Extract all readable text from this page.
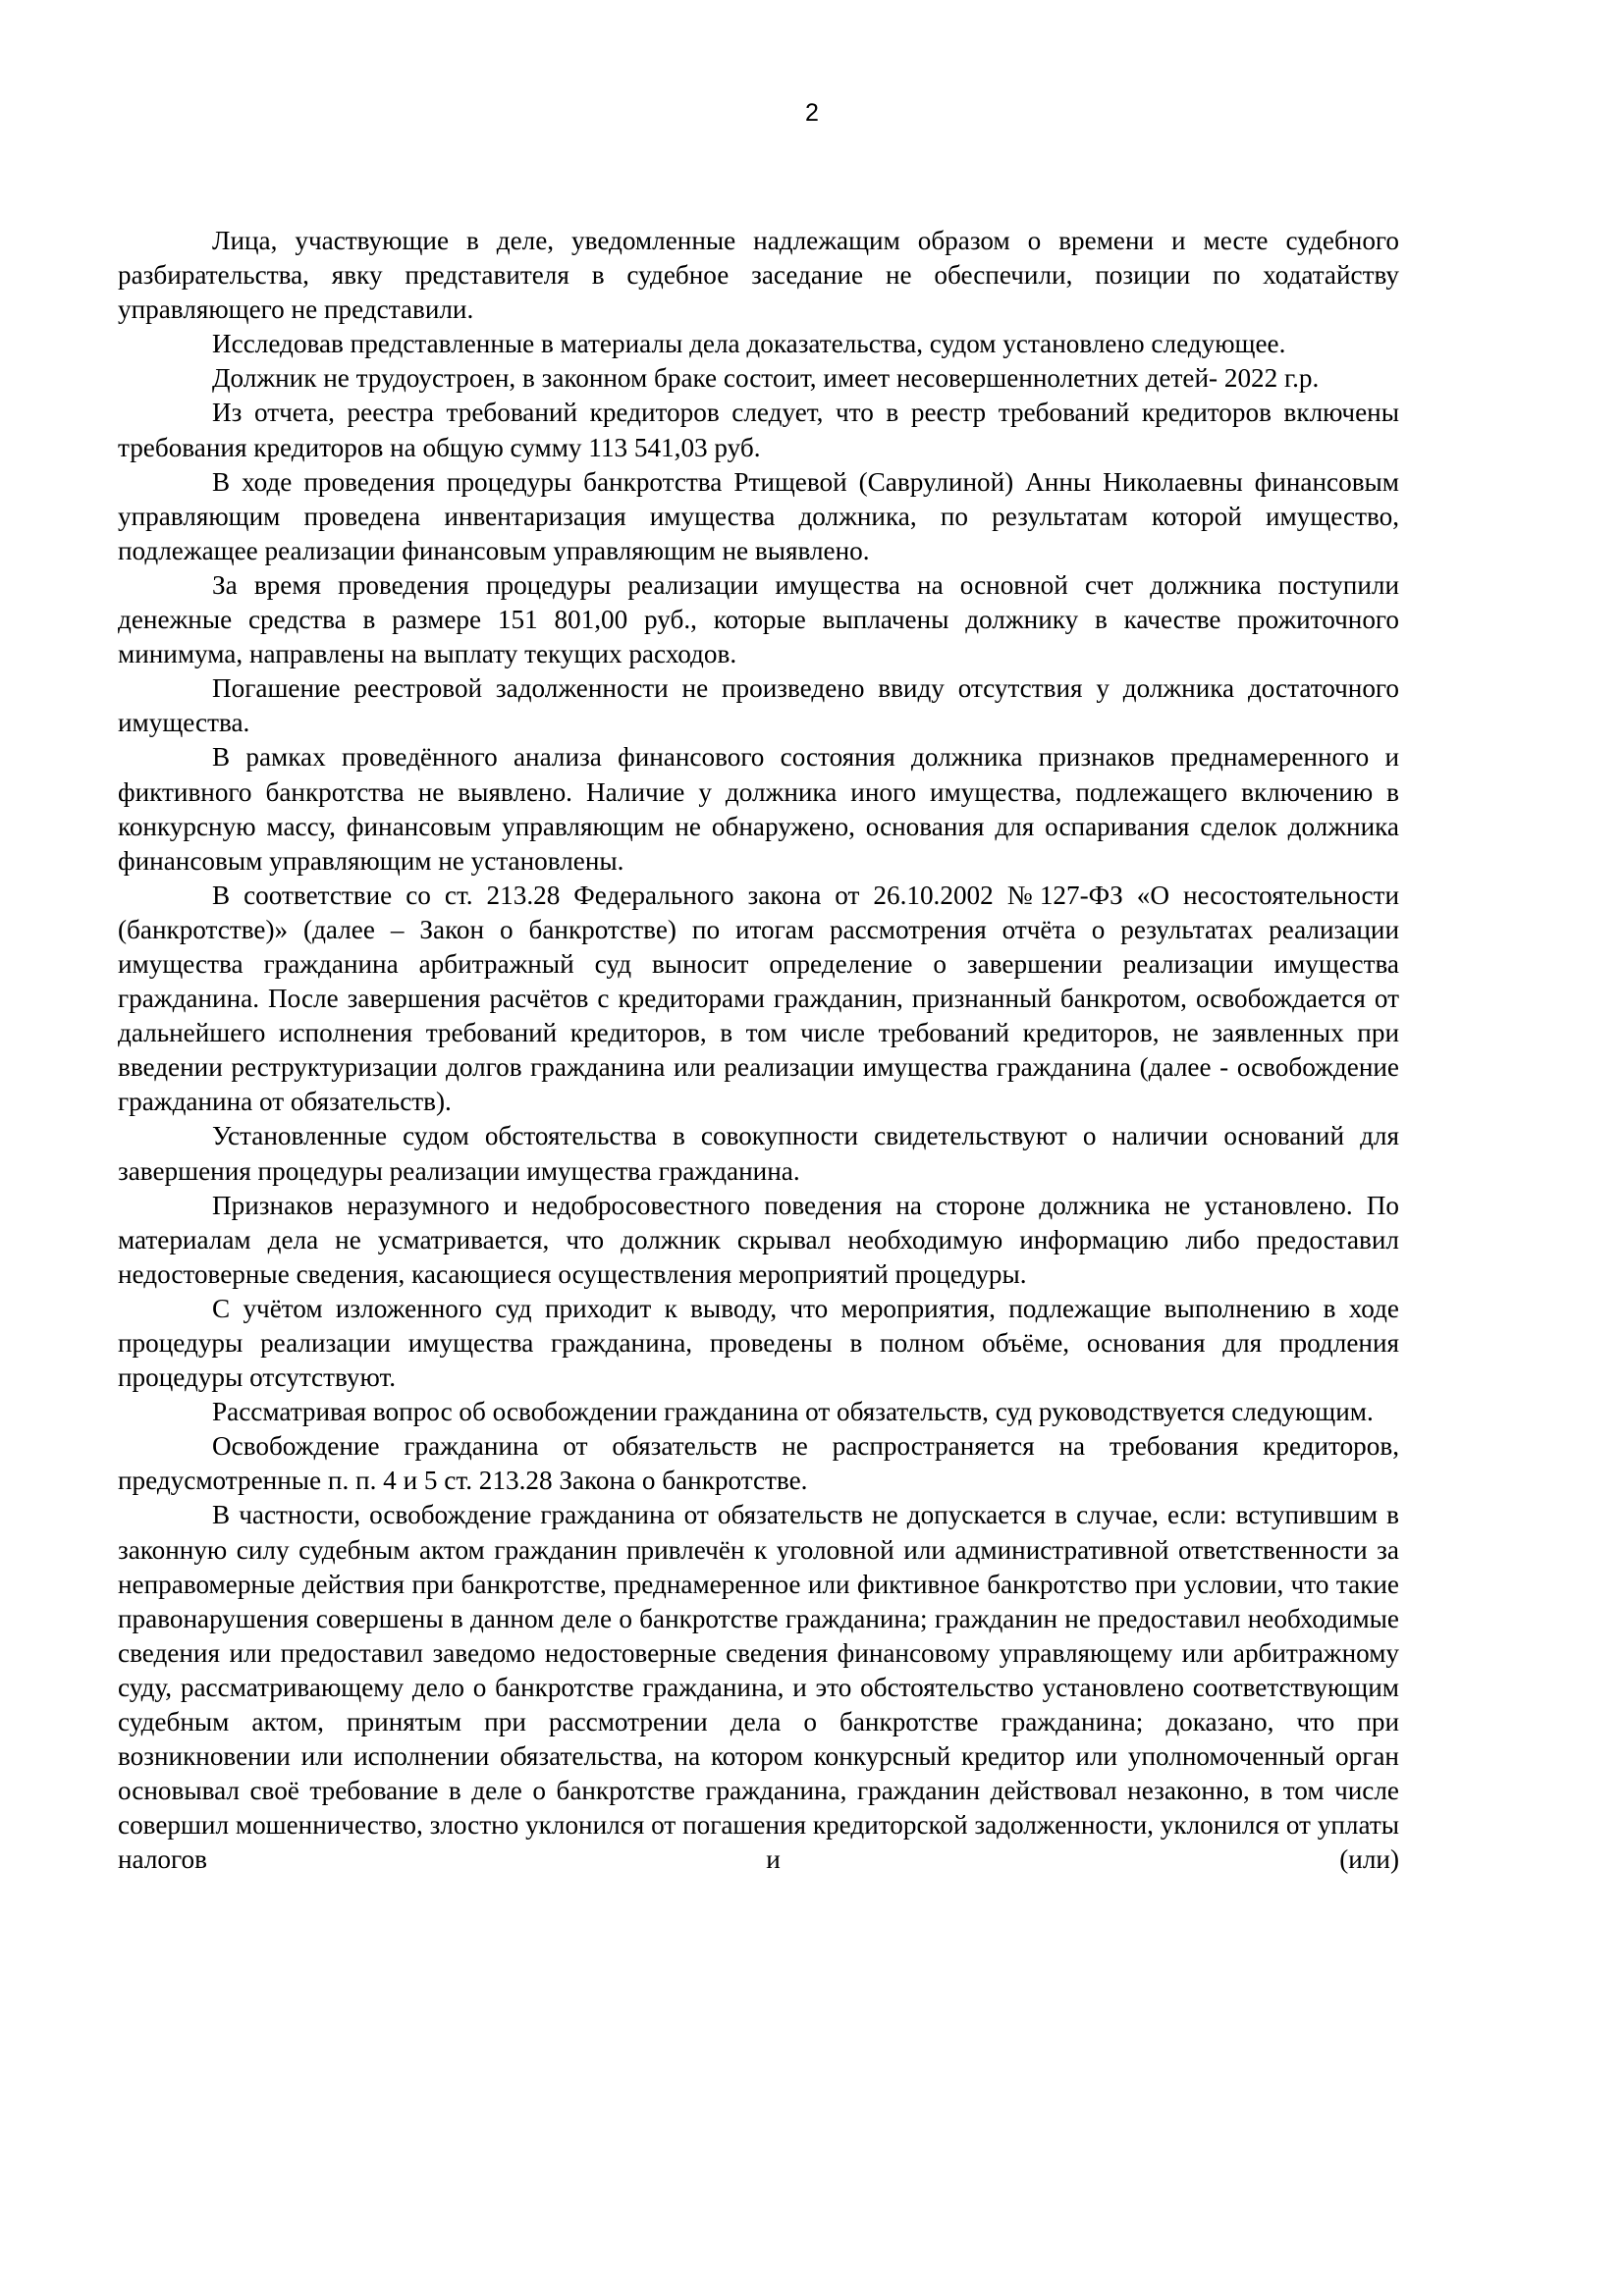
2

Лица, участвующие в деле, уведомленные надлежащим образом о времени и месте судебного разбирательства, явку представителя в судебное заседание не обеспечили, позиции по ходатайству управляющего не представили.

Исследовав представленные в материалы дела доказательства, судом установлено следующее.

Должник не трудоустроен, в законном браке состоит, имеет несовершеннолетних детей- 2022 г.р.

Из отчета, реестра требований кредиторов следует, что в реестр требований кредиторов включены требования кредиторов на общую сумму 113 541,03 руб.

В ходе проведения процедуры банкротства Ртищевой (Саврулиной) Анны Николаевны финансовым управляющим проведена инвентаризация имущества должника, по результатам которой имущество, подлежащее реализации финансовым управляющим не выявлено.

За время проведения процедуры реализации имущества на основной счет должника поступили денежные средства в размере 151 801,00 руб., которые выплачены должнику в качестве прожиточного минимума, направлены на выплату текущих расходов.

Погашение реестровой задолженности не произведено ввиду отсутствия у должника достаточного имущества.

В рамках проведённого анализа финансового состояния должника признаков преднамеренного и фиктивного банкротства не выявлено. Наличие у должника иного имущества, подлежащего включению в конкурсную массу, финансовым управляющим не обнаружено, основания для оспаривания сделок должника финансовым управляющим не установлены.

В соответствие со ст. 213.28 Федерального закона от 26.10.2002 №127-ФЗ «О несостоятельности (банкротстве)» (далее – Закон о банкротстве) по итогам рассмотрения отчёта о результатах реализации имущества гражданина арбитражный суд выносит определение о завершении реализации имущества гражданина. После завершения расчётов с кредиторами гражданин, признанный банкротом, освобождается от дальнейшего исполнения требований кредиторов, в том числе требований кредиторов, не заявленных при введении реструктуризации долгов гражданина или реализации имущества гражданина (далее - освобождение гражданина от обязательств).

Установленные судом обстоятельства в совокупности свидетельствуют о наличии оснований для завершения процедуры реализации имущества гражданина.

Признаков неразумного и недобросовестного поведения на стороне должника не установлено. По материалам дела не усматривается, что должник скрывал необходимую информацию либо предоставил недостоверные сведения, касающиеся осуществления мероприятий процедуры.

С учётом изложенного суд приходит к выводу, что мероприятия, подлежащие выполнению в ходе процедуры реализации имущества гражданина, проведены в полном объёме, основания для продления процедуры отсутствуют.

Рассматривая вопрос об освобождении гражданина от обязательств, суд руководствуется следующим.

Освобождение гражданина от обязательств не распространяется на требования кредиторов, предусмотренные п. п. 4 и 5 ст. 213.28 Закона о банкротстве.

В частности, освобождение гражданина от обязательств не допускается в случае, если: вступившим в законную силу судебным актом гражданин привлечён к уголовной или административной ответственности за неправомерные действия при банкротстве, преднамеренное или фиктивное банкротство при условии, что такие правонарушения совершены в данном деле о банкротстве гражданина; гражданин не предоставил необходимые сведения или предоставил заведомо недостоверные сведения финансовому управляющему или арбитражному суду, рассматривающему дело о банкротстве гражданина, и это обстоятельство установлено соответствующим судебным актом, принятым при рассмотрении дела о банкротстве гражданина; доказано, что при возникновении или исполнении обязательства, на котором конкурсный кредитор или уполномоченный орган основывал своё требование в деле о банкротстве гражданина, гражданин действовал незаконно, в том числе совершил мошенничество, злостно уклонился от погашения кредиторской задолженности, уклонился от уплаты налогов и (или)
